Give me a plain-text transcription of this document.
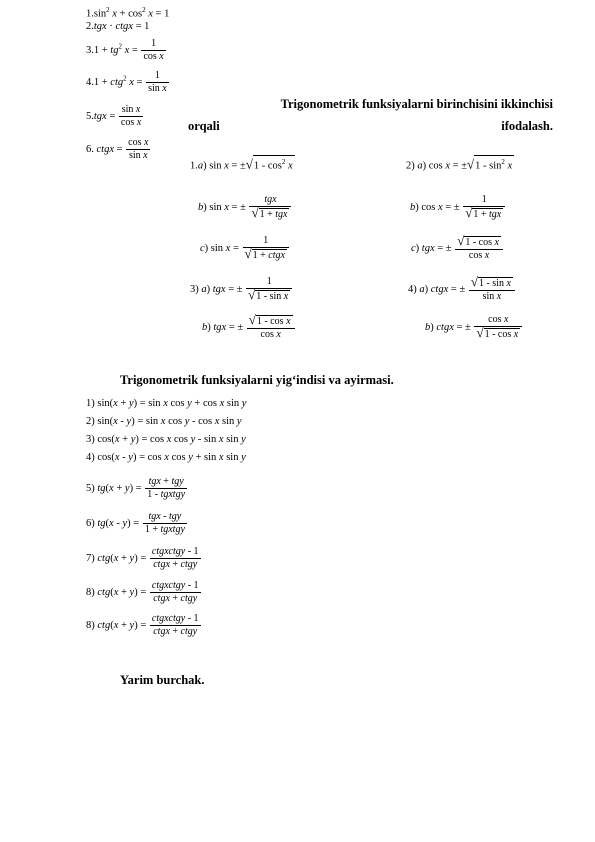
$1.\sin^2$ $x + \cos^2 x = 1$
2.tgx · ctgx = 1
$3.1 + tg^2$ $x = \frac{1}{\text{cos x}}$
4.1 + ctg$^2$ $x = \frac{1}{\text{sin x}}$
$5.tgx = \frac{\text{sin x}}{\text{cos x}}$
6. ctgx = $\frac{\text{cos x}}{\text{sin x}}$
Trigonometrik funksiyalarni birinchisini ikkinchisi
orqali	ifodalash.
1.a) $\sin x = \pm√1 - \cos^2 x$	2) a) $\cos x = \pm√1 - \sin^2 x$
b) sin x = ± $\frac{\text{tgx}}{\text{√1 + tgx}}$	b) cos x = ± $\frac{1}{\text{√1 + tgx}}$
c) $\sin x = \frac{1}{\text{√1 + ctgx}}$	c) tgx = ± $\frac{\text{√1 - cos x}}{\text{cos x}}$
3) a) tgx = ± $\frac{1}{\text{√1 - sin x}}$	4) a) ctgx = ± $\frac{\text{√1 - sin x}}{\text{sin x}}$
b) tgx = ± $\frac{\text{√1 - cos x}}{\text{cos x}}$	b) ctgx = ± $\frac{\text{cos x}}{\text{√1 - cos x}}$
Trigonometrik funksiyalarni yig‘indisi va ayirmasi.
1) sin(x + y) = sin x cos y + cos x sin y
2) sin(x - y) = sin x cos y - cos x sin y
3) cos(x + y) = cos x cos y - sin x sin y
4) cos(x - y) = cos x cos y + sin x sin y
5) $tg(x + y) = \frac{\text{tgx + tgy}}{\text{1 - tgxtgy}}$
6) $tg(x - y) = \frac{\text{tgx - tgy}}{\text{1 + tgxtgy}}$
7) $ctg(x + y) = \frac{\text{ctgxctgy - 1}}{\text{ctgx + ctgy}}$
8) $ctg(x + y) = \frac{\text{ctgxctgy - 1}}{\text{ctgx + ctgy}}$
8) $ctg(x + y) = \frac{\text{ctgxctgy - 1}}{\text{ctgx + ctgy}}$
Yarim burchak.
